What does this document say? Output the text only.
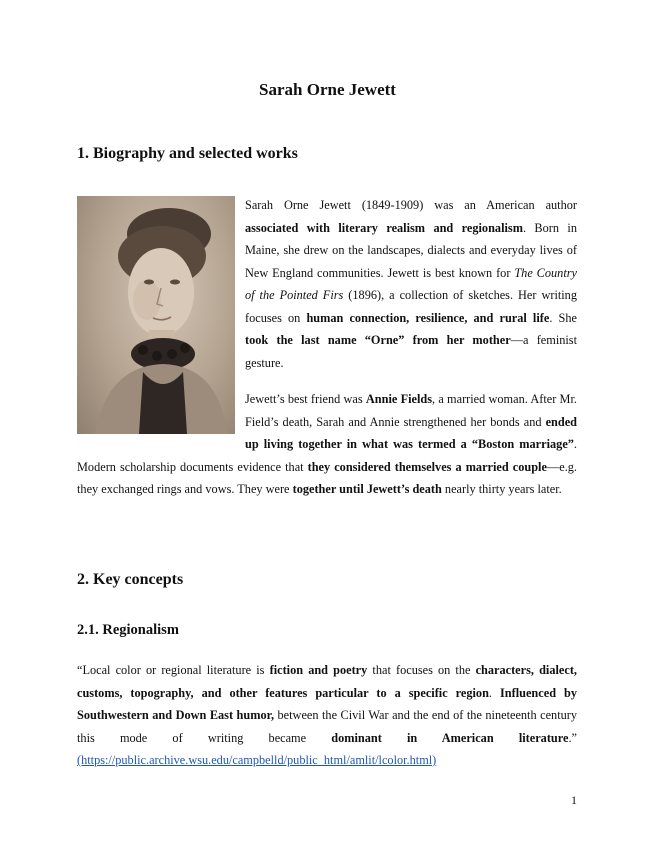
Sarah Orne Jewett
1. Biography and selected works
Sarah Orne Jewett (1849-1909) was an American author associated with literary realism and regionalism. Born in Maine, she drew on the landscapes, dialects and everyday lives of New England communities. Jewett is best known for The Country of the Pointed Firs (1896), a collection of sketches. Her writing focuses on human connection, resilience, and rural life. She took the last name “Orne” from her mother—a feminist gesture.
Jewett’s best friend was Annie Fields, a married woman. After Mr. Field’s death, Sarah and Annie strengthened her bonds and ended up living together in what was termed a “Boston marriage”. Modern scholarship documents evidence that they considered themselves a married couple—e.g. they exchanged rings and vows. They were together until Jewett’s death nearly thirty years later.
2. Key concepts
2.1. Regionalism
“Local color or regional literature is fiction and poetry that focuses on the characters, dialect, customs, topography, and other features particular to a specific region. Influenced by Southwestern and Down East humor, between the Civil War and the end of the nineteenth century this mode of writing became dominant in American literature.” (https://public.archive.wsu.edu/campbelld/public_html/amlit/lcolor.html)
1
